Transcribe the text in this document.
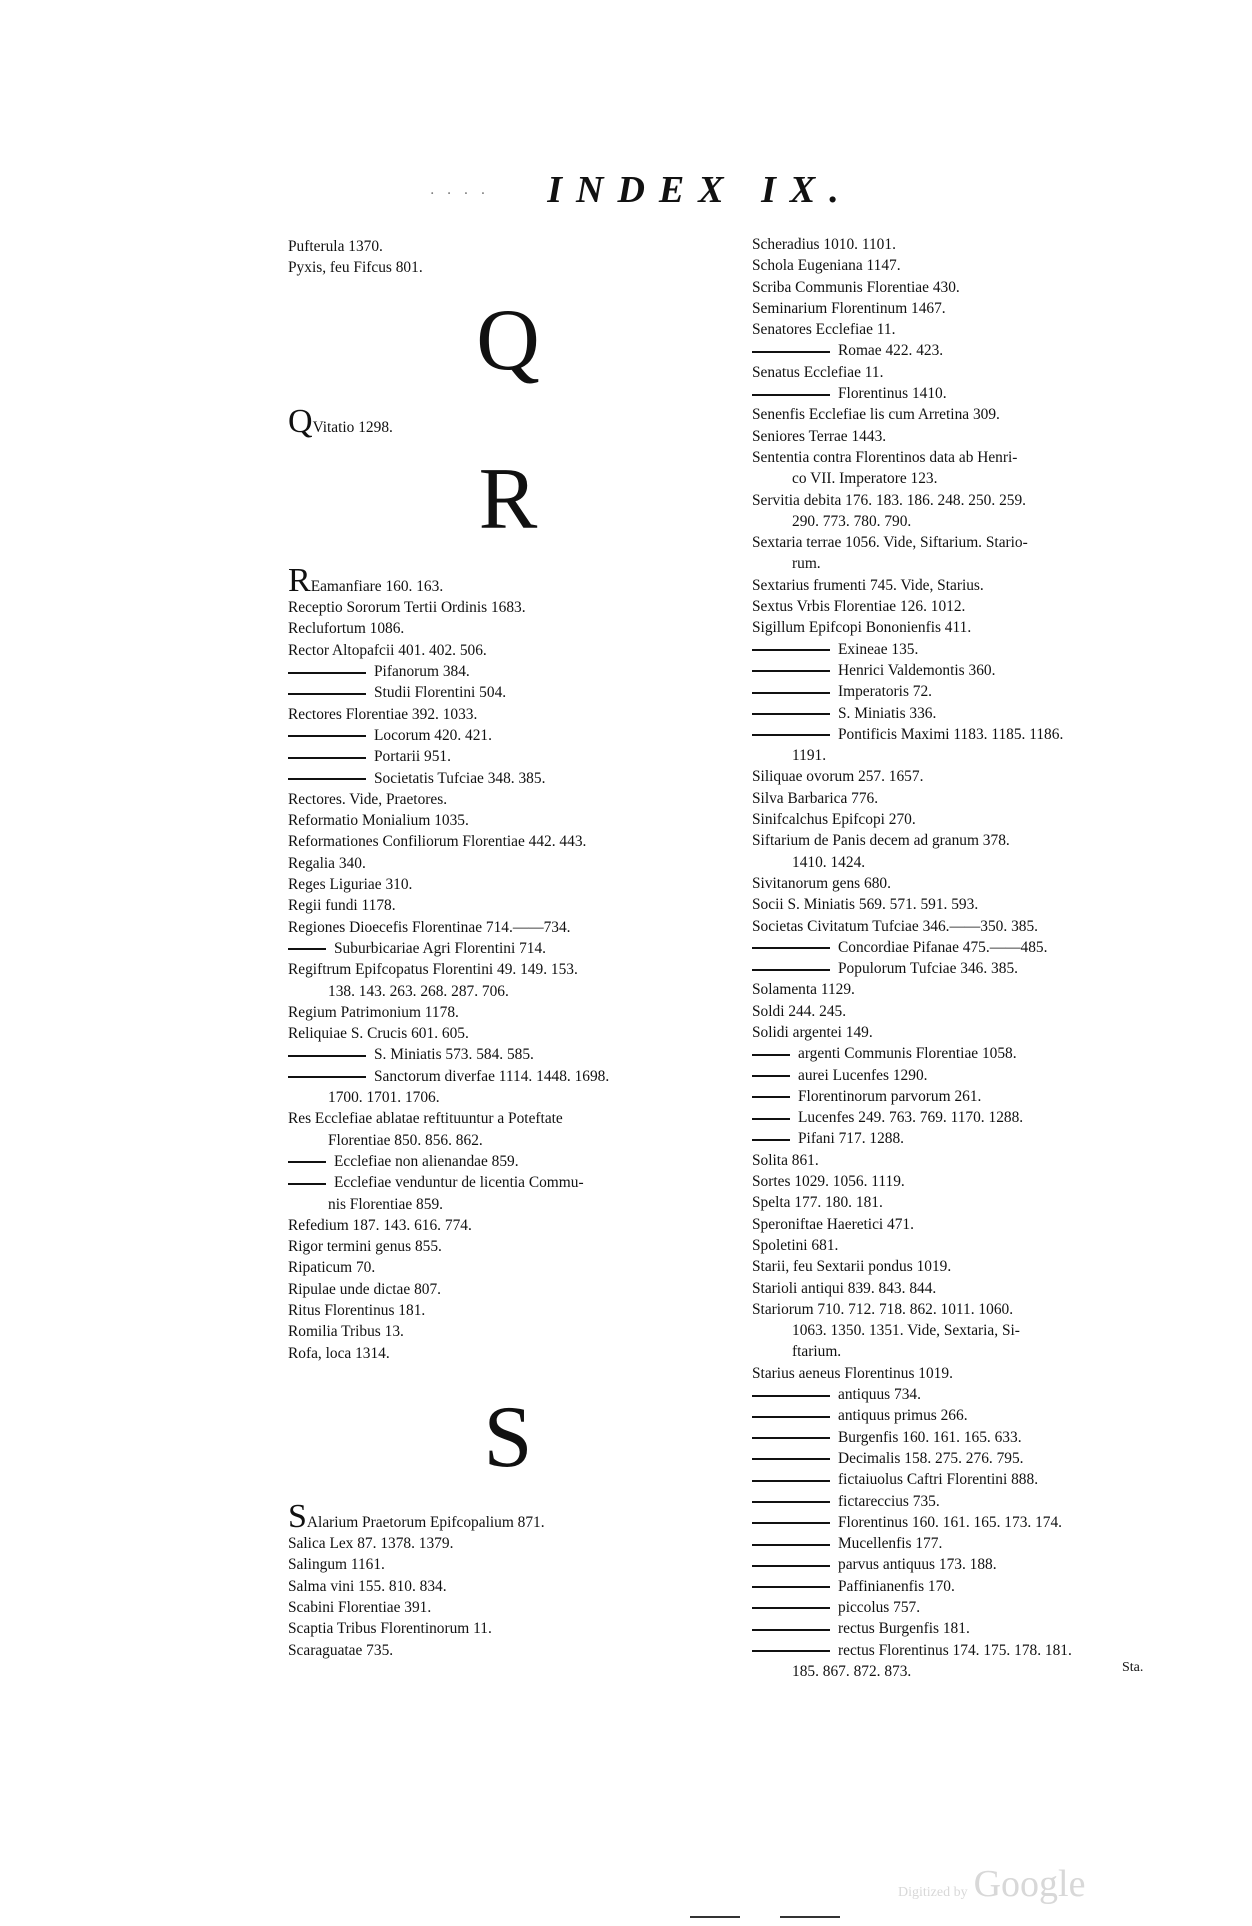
· · · ·	INDEX IX.
Pufterula 1370.
Pyxis, feu Fifcus 801.
Q
QVitatio 1298.
R
REamanfiare 160. 163.
Receptio Sororum Tertii Ordinis 1683.
Reclufortum 1086.
Rector Altopafcii 401. 402. 506.
Pifanorum 384.
Studii Florentini 504.
Rectores Florentiae 392. 1033.
Locorum 420. 421.
Portarii 951.
Societatis Tufciae 348. 385.
Rectores. Vide, Praetores.
Reformatio Monialium 1035.
Reformationes Confiliorum Florentiae 442. 443.
Regalia 340.
Reges Liguriae 310.
Regii fundi 1178.
Regiones Dioecefis Florentinae 714.——734.
Suburbicariae Agri Florentini 714.
Regiftrum Epifcopatus Florentini 49. 149. 153.
138. 143. 263. 268. 287. 706.
Regium Patrimonium 1178.
Reliquiae S. Crucis 601. 605.
S. Miniatis 573. 584. 585.
Sanctorum diverfae 1114. 1448. 1698.
1700. 1701. 1706.
Res Ecclefiae ablatae reftituuntur a Poteftate
Florentiae 850. 856. 862.
Ecclefiae non alienandae 859.
Ecclefiae venduntur de licentia Commu-
nis Florentiae 859.
Refedium 187. 143. 616. 774.
Rigor termini genus 855.
Ripaticum 70.
Ripulae unde dictae 807.
Ritus Florentinus 181.
Romilia Tribus 13.
Rofa, loca 1314.
S
SAlarium Praetorum Epifcopalium 871.
Salica Lex 87. 1378. 1379.
Salingum 1161.
Salma vini 155. 810. 834.
Scabini Florentiae 391.
Scaptia Tribus Florentinorum 11.
Scaraguatae 735.
Scheradius 1010. 1101.
Schola Eugeniana 1147.
Scriba Communis Florentiae 430.
Seminarium Florentinum 1467.
Senatores Ecclefiae 11.
Romae 422. 423.
Senatus Ecclefiae 11.
Florentinus 1410.
Senenfis Ecclefiae lis cum Arretina 309.
Seniores Terrae 1443.
Sententia contra Florentinos data ab Henri-
co VII. Imperatore 123.
Servitia debita 176. 183. 186. 248. 250. 259.
290. 773. 780. 790.
Sextaria terrae 1056. Vide, Siftarium. Stario-
rum.
Sextarius frumenti 745. Vide, Starius.
Sextus Vrbis Florentiae 126. 1012.
Sigillum Epifcopi Bononienfis 411.
Exineae 135.
Henrici Valdemontis 360.
Imperatoris 72.
S. Miniatis 336.
Pontificis Maximi 1183. 1185. 1186.
1191.
Siliquae ovorum 257. 1657.
Silva Barbarica 776.
Sinifcalchus Epifcopi 270.
Siftarium de Panis decem ad granum 378.
1410. 1424.
Sivitanorum gens 680.
Socii S. Miniatis 569. 571. 591. 593.
Societas Civitatum Tufciae 346.——350. 385.
Concordiae Pifanae 475.——485.
Populorum Tufciae 346. 385.
Solamenta 1129.
Soldi 244. 245.
Solidi argentei 149.
argenti Communis Florentiae 1058.
aurei Lucenfes 1290.
Florentinorum parvorum 261.
Lucenfes 249. 763. 769. 1170. 1288.
Pifani 717. 1288.
Solita 861.
Sortes 1029. 1056. 1119.
Spelta 177. 180. 181.
Speroniftae Haeretici 471.
Spoletini 681.
Starii, feu Sextarii pondus 1019.
Starioli antiqui 839. 843. 844.
Stariorum 710. 712. 718. 862. 1011. 1060.
1063. 1350. 1351. Vide, Sextaria, Si-
ftarium.
Starius aeneus Florentinus 1019.
antiquus 734.
antiquus primus 266.
Burgenfis 160. 161. 165. 633.
Decimalis 158. 275. 276. 795.
fictaiuolus Caftri Florentini 888.
fictareccius 735.
Florentinus 160. 161. 165. 173. 174.
Mucellenfis 177.
parvus antiquus 173. 188.
Paffinianenfis 170.
piccolus 757.
rectus Burgenfis 181.
rectus Florentinus 174. 175. 178. 181.
185. 867. 872. 873.	Sta.
Digitized by Google
